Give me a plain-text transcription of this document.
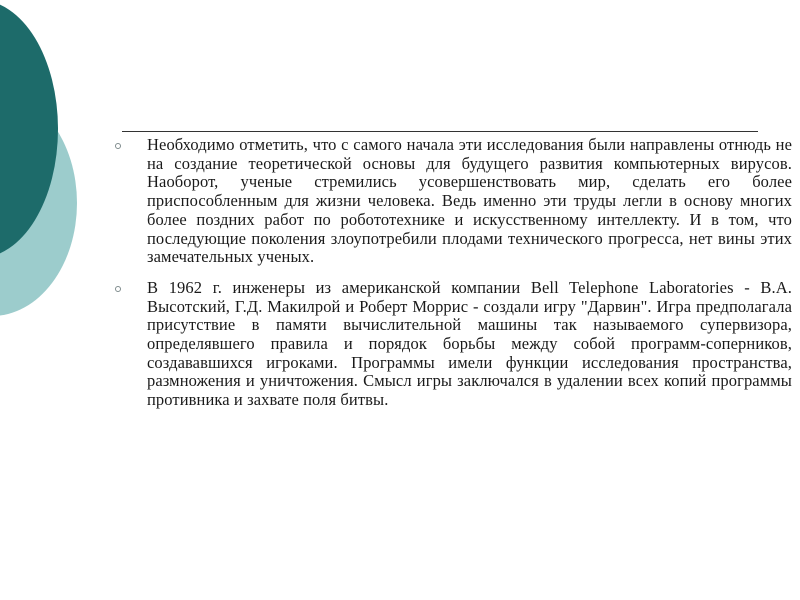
Необходимо отметить, что с самого начала эти исследования были направлены отнюдь не на создание теоретической основы для будущего развития компьютерных вирусов. Наоборот, ученые стремились усовершенствовать мир, сделать его более приспособленным для жизни человека. Ведь именно эти труды легли в основу многих более поздних работ по робототехнике и искусственному интеллекту. И в том, что последующие поколения злоупотребили плодами технического прогресса, нет вины этих замечательных ученых.
В 1962 г. инженеры из американской компании Bell Telephone Laboratories - В.А. Высотский, Г.Д. Макилрой и Роберт Моррис - создали игру "Дарвин". Игра предполагала присутствие в памяти вычислительной машины так называемого супервизора, определявшего правила и порядок борьбы между собой программ-соперников, создававшихся игроками. Программы имели функции исследования пространства, размножения и уничтожения. Смысл игры заключался в удалении всех копий программы противника и захвате поля битвы.
